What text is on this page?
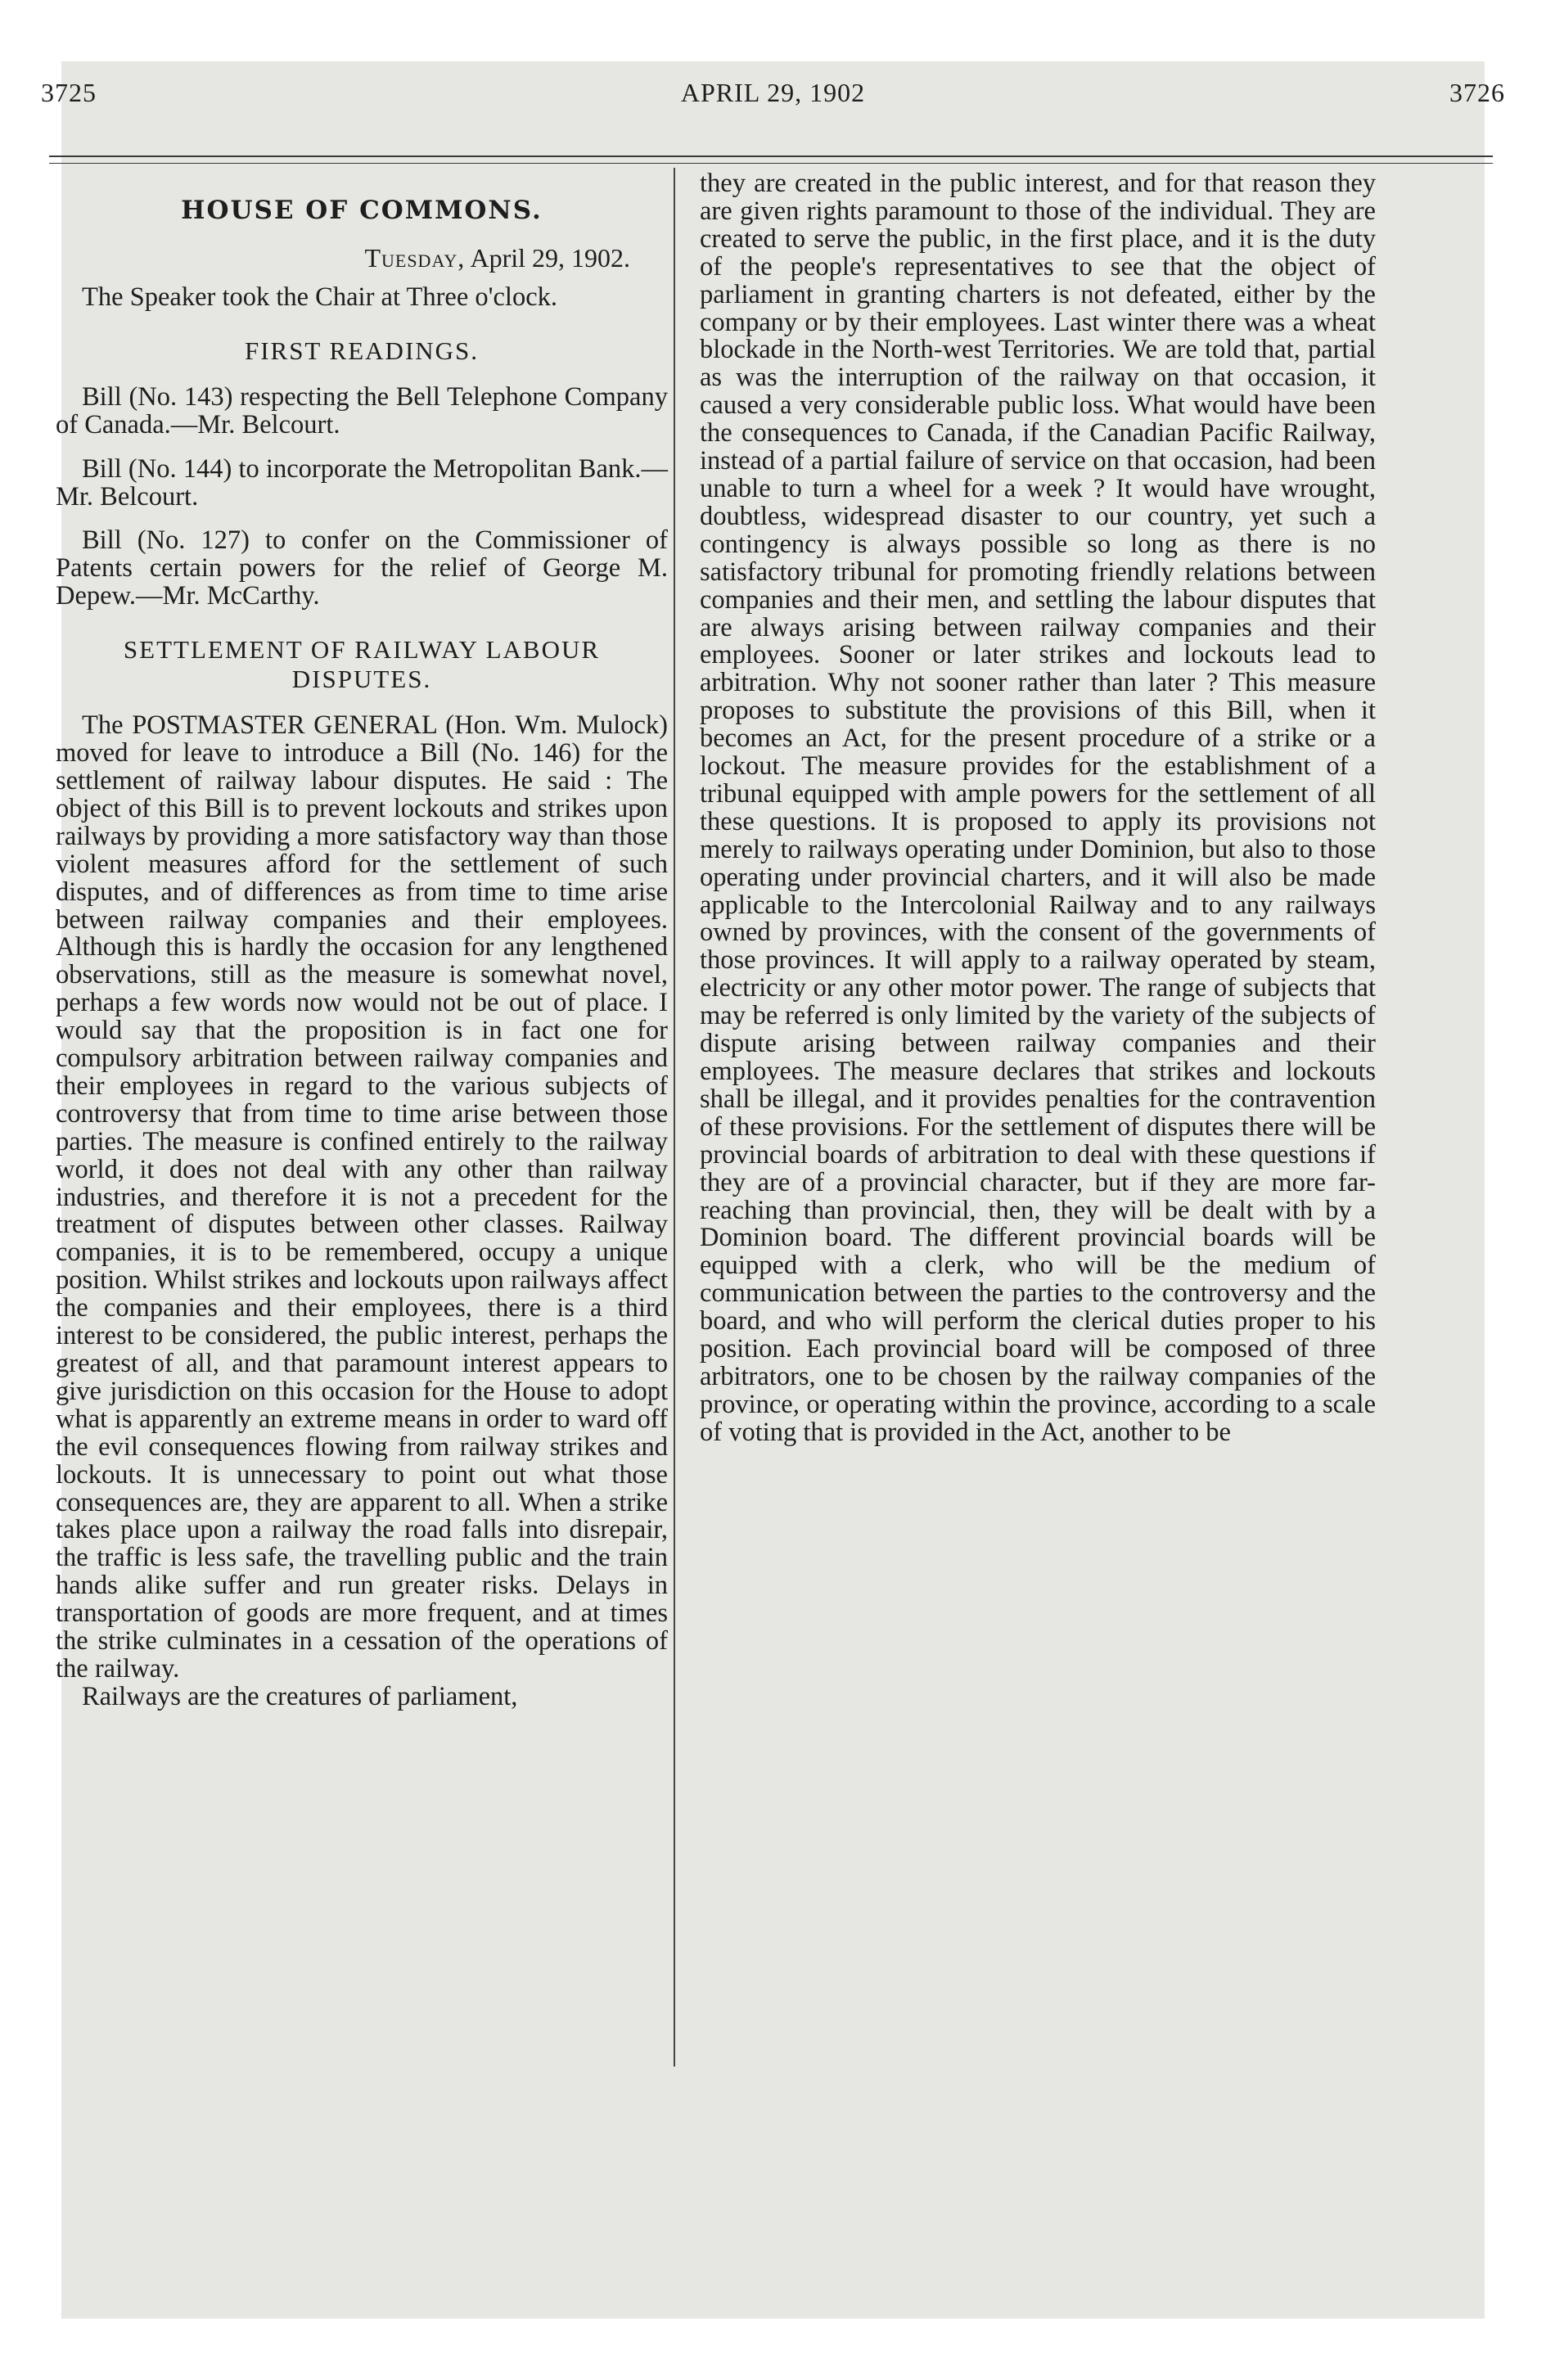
3725	APRIL 29, 1902	3726
HOUSE OF COMMONS.
Tuesday, April 29, 1902.

The Speaker took the Chair at Three o'clock.

FIRST READINGS.

Bill (No. 143) respecting the Bell Telephone Company of Canada.—Mr. Belcourt.

Bill (No. 144) to incorporate the Metropolitan Bank.—Mr. Belcourt.

Bill (No. 127) to confer on the Commissioner of Patents certain powers for the relief of George M. Depew.—Mr. McCarthy.

SETTLEMENT OF RAILWAY LABOUR DISPUTES.

The POSTMASTER GENERAL (Hon. Wm. Mulock) moved for leave to introduce a Bill (No. 146) for the settlement of railway labour disputes. He said : The object of this Bill is to prevent lockouts and strikes upon railways by providing a more satisfactory way than those violent measures afford for the settlement of such disputes, and of differences as from time to time arise between railway companies and their employees. Although this is hardly the occasion for any lengthened observations, still as the measure is somewhat novel, perhaps a few words now would not be out of place. I would say that the proposition is in fact one for compulsory arbitration between railway companies and their employees in regard to the various subjects of controversy that from time to time arise between those parties. The measure is confined entirely to the railway world, it does not deal with any other than railway industries, and therefore it is not a precedent for the treatment of disputes between other classes. Railway companies, it is to be remembered, occupy a unique position. Whilst strikes and lockouts upon railways affect the companies and their employees, there is a third interest to be considered, the public interest, perhaps the greatest of all, and that paramount interest appears to give jurisdiction on this occasion for the House to adopt what is apparently an extreme means in order to ward off the evil consequences flowing from railway strikes and lockouts. It is unnecessary to point out what those consequences are, they are apparent to all. When a strike takes place upon a railway the road falls into disrepair, the traffic is less safe, the travelling public and the train hands alike suffer and run greater risks. Delays in transportation of goods are more frequent, and at times the strike culminates in a cessation of the operations of the railway.

Railways are the creatures of parliament,

they are created in the public interest, and for that reason they are given rights paramount to those of the individual. They are created to serve the public, in the first place, and it is the duty of the people's representatives to see that the object of parliament in granting charters is not defeated, either by the company or by their employees. Last winter there was a wheat blockade in the North-west Territories. We are told that, partial as was the interruption of the railway on that occasion, it caused a very considerable public loss. What would have been the consequences to Canada, if the Canadian Pacific Railway, instead of a partial failure of service on that occasion, had been unable to turn a wheel for a week ? It would have wrought, doubtless, widespread disaster to our country, yet such a contingency is always possible so long as there is no satisfactory tribunal for promoting friendly relations between companies and their men, and settling the labour disputes that are always arising between railway companies and their employees. Sooner or later strikes and lockouts lead to arbitration. Why not sooner rather than later ? This measure proposes to substitute the provisions of this Bill, when it becomes an Act, for the present procedure of a strike or a lockout. The measure provides for the establishment of a tribunal equipped with ample powers for the settlement of all these questions. It is proposed to apply its provisions not merely to railways operating under Dominion, but also to those operating under provincial charters, and it will also be made applicable to the Intercolonial Railway and to any railways owned by provinces, with the consent of the governments of those provinces. It will apply to a railway operated by steam, electricity or any other motor power. The range of subjects that may be referred is only limited by the variety of the subjects of dispute arising between railway companies and their employees. The measure declares that strikes and lockouts shall be illegal, and it provides penalties for the contravention of these provisions. For the settlement of disputes there will be provincial boards of arbitration to deal with these questions if they are of a provincial character, but if they are more far-reaching than provincial, then, they will be dealt with by a Dominion board. The different provincial boards will be equipped with a clerk, who will be the medium of communication between the parties to the controversy and the board, and who will perform the clerical duties proper to his position. Each provincial board will be composed of three arbitrators, one to be chosen by the railway companies of the province, or operating within the province, according to a scale of voting that is provided in the Act, another to be
